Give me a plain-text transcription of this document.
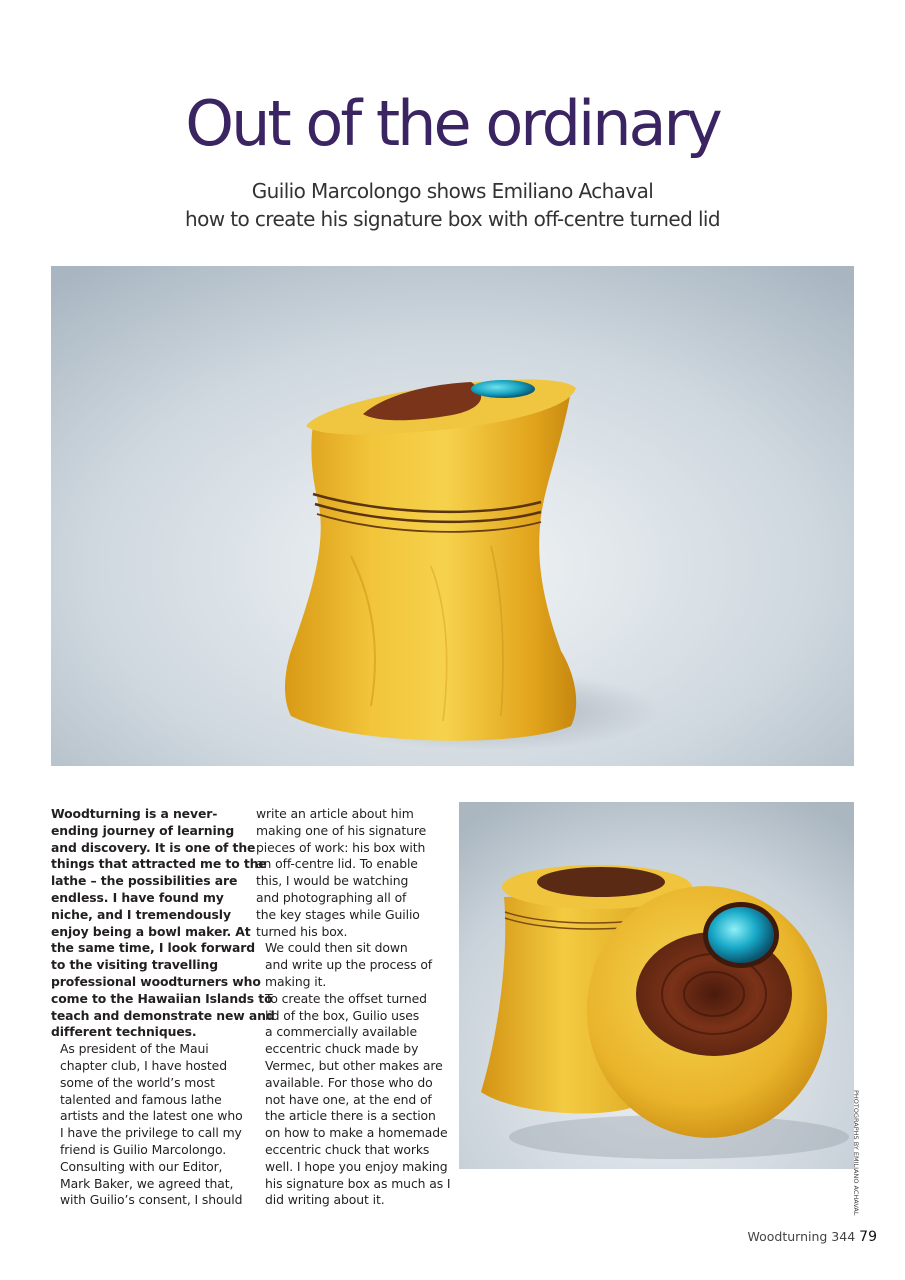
Out of the ordinary
Guilio Marcolongo shows Emiliano Achaval
how to create his signature box with off-centre turned lid

Woodturning is a never-
ending journey of learning
and discovery. It is one of the
things that attracted me to the
lathe – the possibilities are
endless. I have found my
niche, and I tremendously
enjoy being a bowl maker. At
the same time, I look forward
to the visiting travelling
professional woodturners who
come to the Hawaiian Islands to
teach and demonstrate new and
different techniques.

As president of the Maui
chapter club, I have hosted
some of the world’s most
talented and famous lathe
artists and the latest one who
I have the privilege to call my
friend is Guilio Marcolongo.

Consulting with our Editor,
Mark Baker, we agreed that,
with Guilio’s consent, I should

write an article about him
making one of his signature
pieces of work: his box with
an off-centre lid. To enable
this, I would be watching
and photographing all of
the key stages while Guilio
turned his box.

We could then sit down
and write up the process of
making it.

To create the offset turned
lid of the box, Guilio uses
a commercially available
eccentric chuck made by
Vermec, but other makes are
available. For those who do
not have one, at the end of
the article there is a section
on how to make a homemade
eccentric chuck that works
well. I hope you enjoy making
his signature box as much as I
did writing about it.	PHOTOGRAPHS BY EMILIANO ACHAVAL
Woodturning 344 79
